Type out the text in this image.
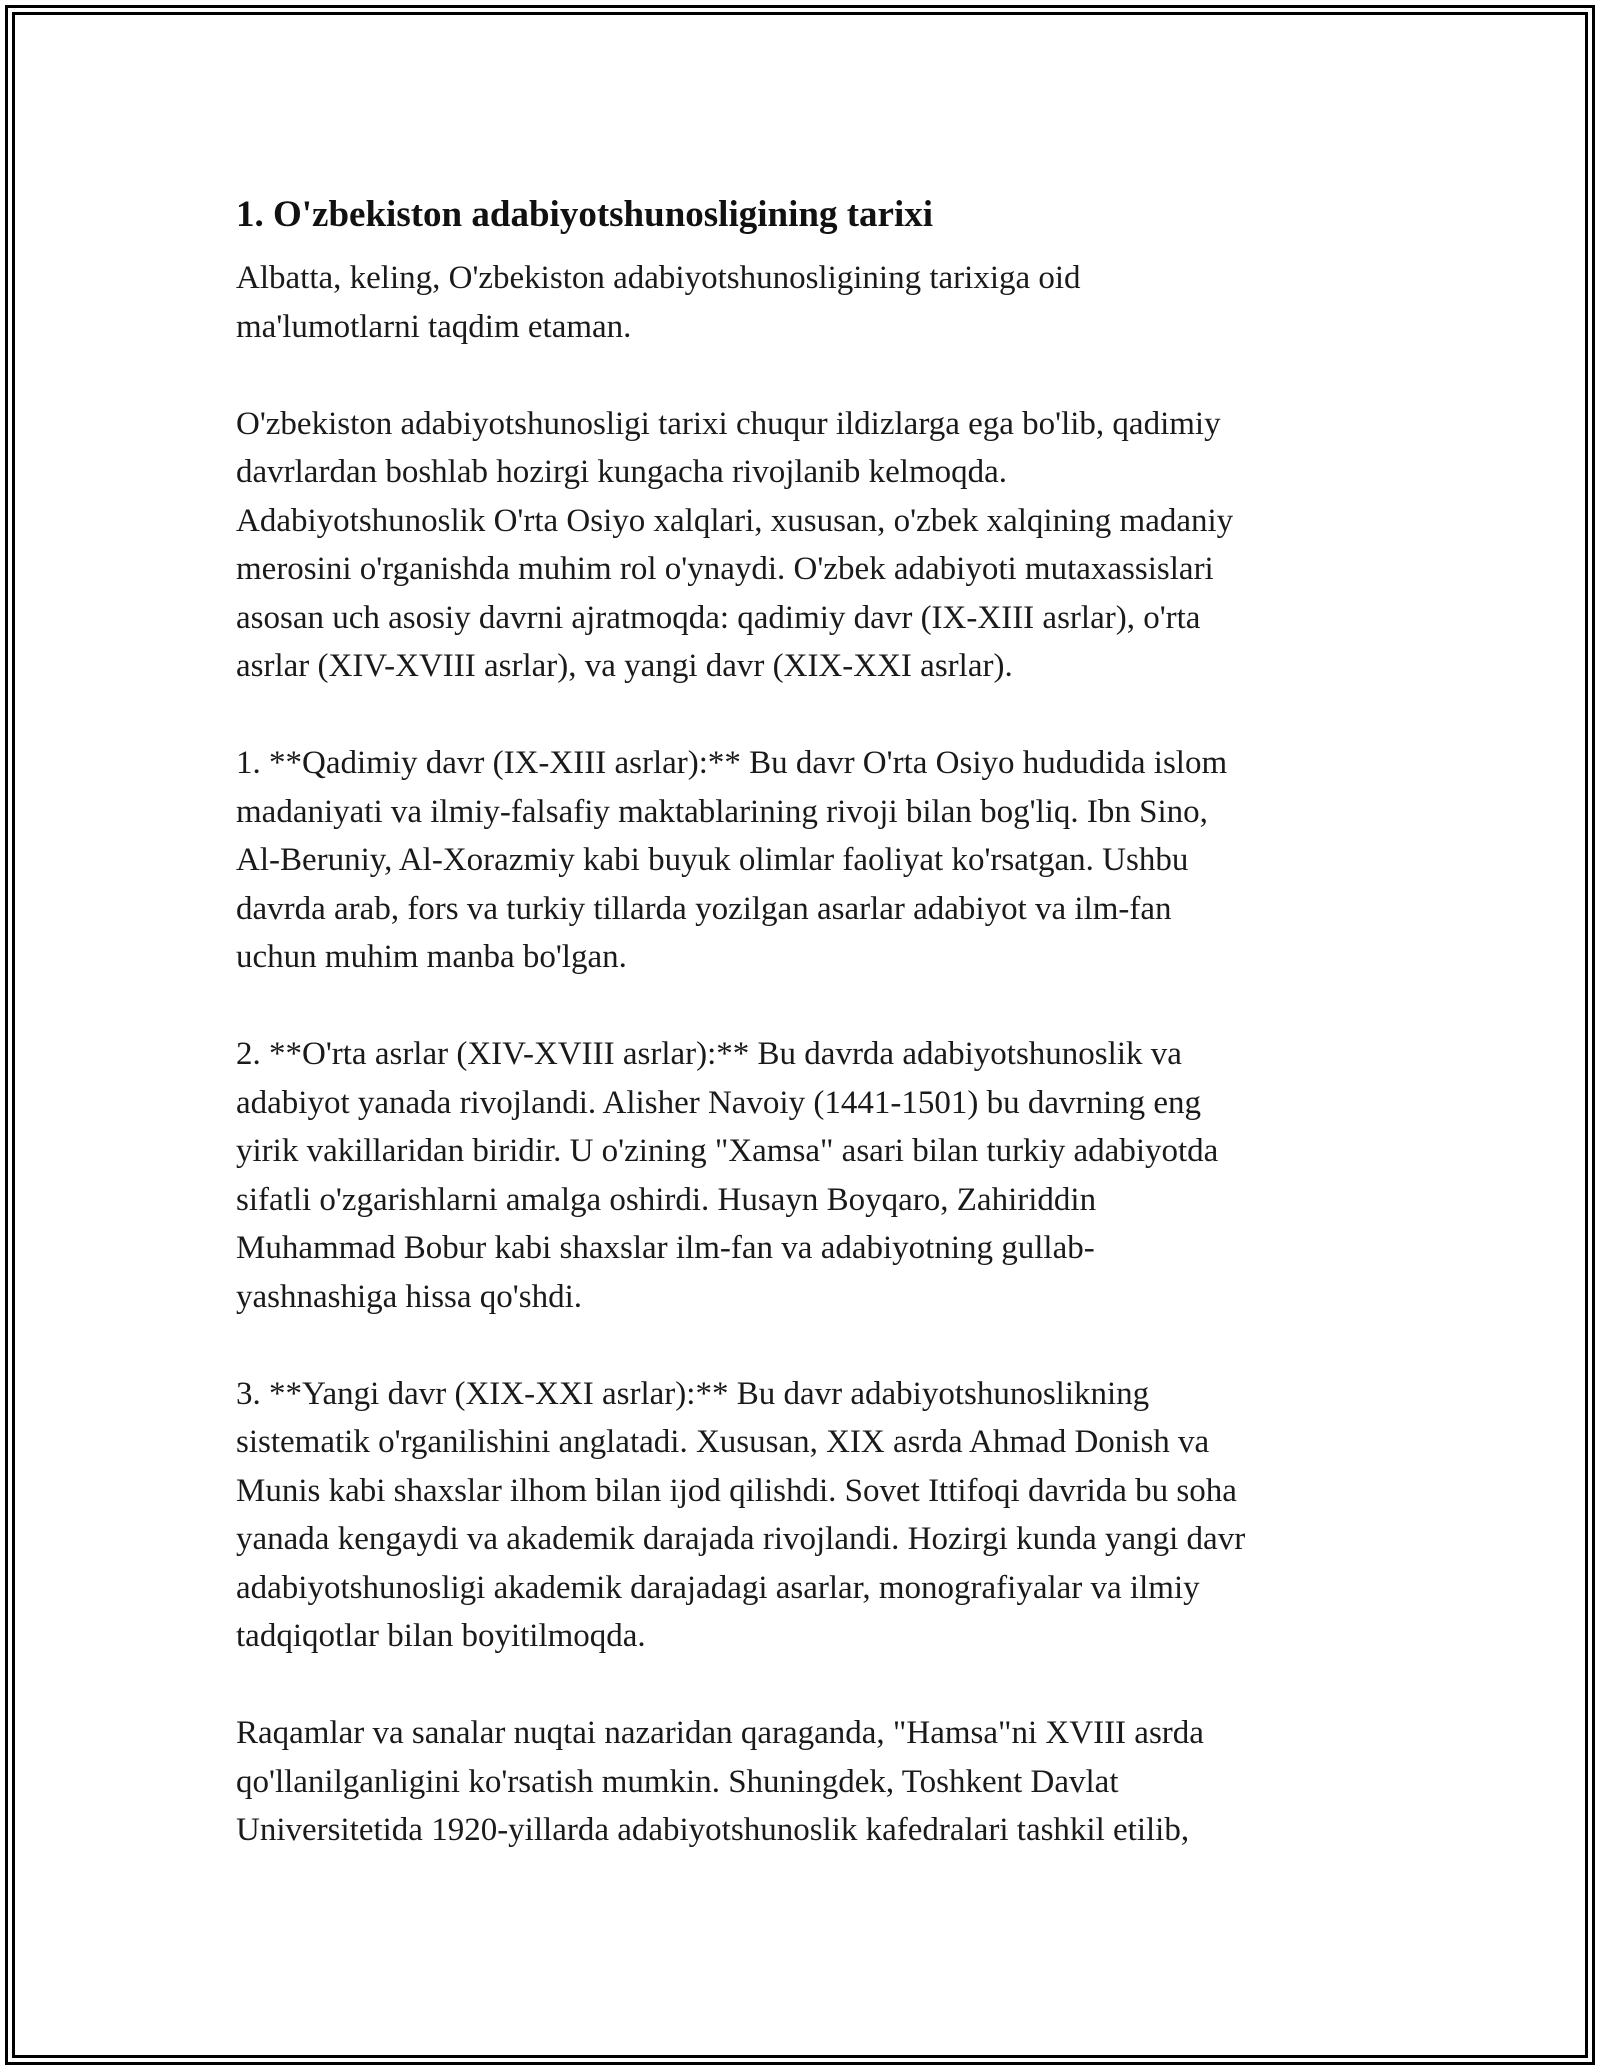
1. O'zbekiston adabiyotshunosligining tarixi

Albatta, keling, O'zbekiston adabiyotshunosligining tarixiga oid
ma'lumotlarni taqdim etaman.

O'zbekiston adabiyotshunosligi tarixi chuqur ildizlarga ega bo'lib, qadimiy
davrlardan boshlab hozirgi kungacha rivojlanib kelmoqda.
Adabiyotshunoslik O'rta Osiyo xalqlari, xususan, o'zbek xalqining madaniy
merosini o'rganishda muhim rol o'ynaydi. O'zbek adabiyoti mutaxassislari
asosan uch asosiy davrni ajratmoqda: qadimiy davr (IX-XIII asrlar), o'rta
asrlar (XIV-XVIII asrlar), va yangi davr (XIX-XXI asrlar).

1. **Qadimiy davr (IX-XIII asrlar):** Bu davr O'rta Osiyo hududida islom
madaniyati va ilmiy-falsafiy maktablarining rivoji bilan bog'liq. Ibn Sino,
Al-Beruniy, Al-Xorazmiy kabi buyuk olimlar faoliyat ko'rsatgan. Ushbu
davrda arab, fors va turkiy tillarda yozilgan asarlar adabiyot va ilm-fan
uchun muhim manba bo'lgan.

2. **O'rta asrlar (XIV-XVIII asrlar):** Bu davrda adabiyotshunoslik va
adabiyot yanada rivojlandi. Alisher Navoiy (1441-1501) bu davrning eng
yirik vakillaridan biridir. U o'zining "Xamsa" asari bilan turkiy adabiyotda
sifatli o'zgarishlarni amalga oshirdi. Husayn Boyqaro, Zahiriddin
Muhammad Bobur kabi shaxslar ilm-fan va adabiyotning gullab-
yashnashiga hissa qo'shdi.

3. **Yangi davr (XIX-XXI asrlar):** Bu davr adabiyotshunoslikning
sistematik o'rganilishini anglatadi. Xususan, XIX asrda Ahmad Donish va
Munis kabi shaxslar ilhom bilan ijod qilishdi. Sovet Ittifoqi davrida bu soha
yanada kengaydi va akademik darajada rivojlandi. Hozirgi kunda yangi davr
adabiyotshunosligi akademik darajadagi asarlar, monografiyalar va ilmiy
tadqiqotlar bilan boyitilmoqda.

Raqamlar va sanalar nuqtai nazaridan qaraganda, "Hamsa"ni XVIII asrda
qo'llanilganligini ko'rsatish mumkin. Shuningdek, Toshkent Davlat
Universitetida 1920-yillarda adabiyotshunoslik kafedralari tashkil etilib,
